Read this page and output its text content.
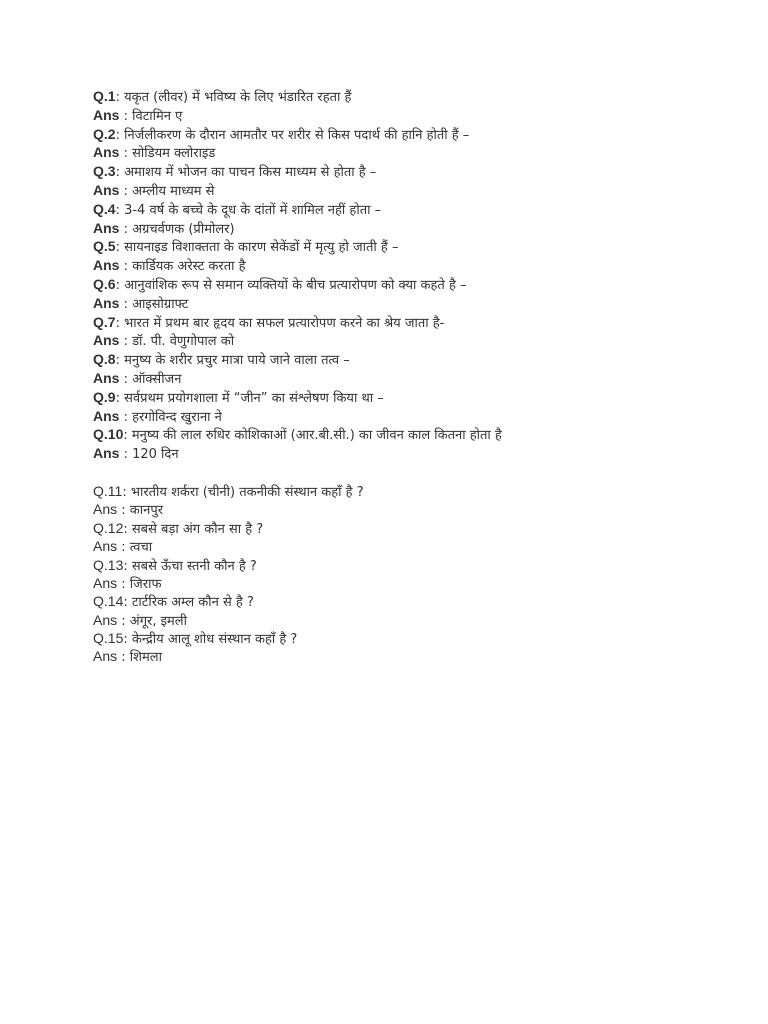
Q.1: यकृत (लीवर) में भविष्य के लिए भंडारित रहता हैं
Ans : विटामिन ए
Q.2: निर्जलीकरण के दौरान आमतौर पर शरीर से किस पदार्थ की हानि होती हैं –
Ans : सोडियम क्लोराइड
Q.3: अमाशय में भोजन का पाचन किस माध्यम से होता है –
Ans : अम्लीय माध्यम से
Q.4: 3-4 वर्ष के बच्चे के दूध के दांतों में शामिल नहीं होता –
Ans : अग्रचर्वणक (प्रीमोलर)
Q.5: सायनाइड विशाक्तता के कारण सेकेंडों में मृत्यु हो जाती हैं –
Ans : कार्डियक अरेस्ट करता है
Q.6: आनुवांशिक रूप से समान व्यक्तियों के बीच प्रत्यारोपण को क्या कहते है –
Ans : आइसोग्राफ्ट
Q.7: भारत में प्रथम बार हृदय का सफल प्रत्यारोपण करने का श्रेय जाता है-
Ans : डॉ. पी. वेणुगोपाल को
Q.8: मनुष्य के शरीर प्रचुर मात्रा पाये जाने वाला तत्व –
Ans : ऑक्सीजन
Q.9: सर्वप्रथम प्रयोगशाला में “जीन” का संश्लेषण किया था –
Ans : हरगोविन्द खुराना ने
Q.10: मनुष्य की लाल रुधिर कोशिकाओं (आर.बी.सी.) का जीवन काल कितना होता है
Ans : 120 दिन
Q.11: भारतीय शर्करा (चीनी) तकनीकी संस्थान कहाँ है ?
Ans : कानपुर
Q.12: सबसे बड़ा अंग कौन सा है ?
Ans : त्वचा
Q.13: सबसे ऊँचा स्तनी कौन है ?
Ans : जिराफ
Q.14: टार्टरिक अम्ल कौन से है ?
Ans : अंगूर, इमली
Q.15: केन्द्रीय आलू शोध संस्थान कहाँ है ?
Ans : शिमला
